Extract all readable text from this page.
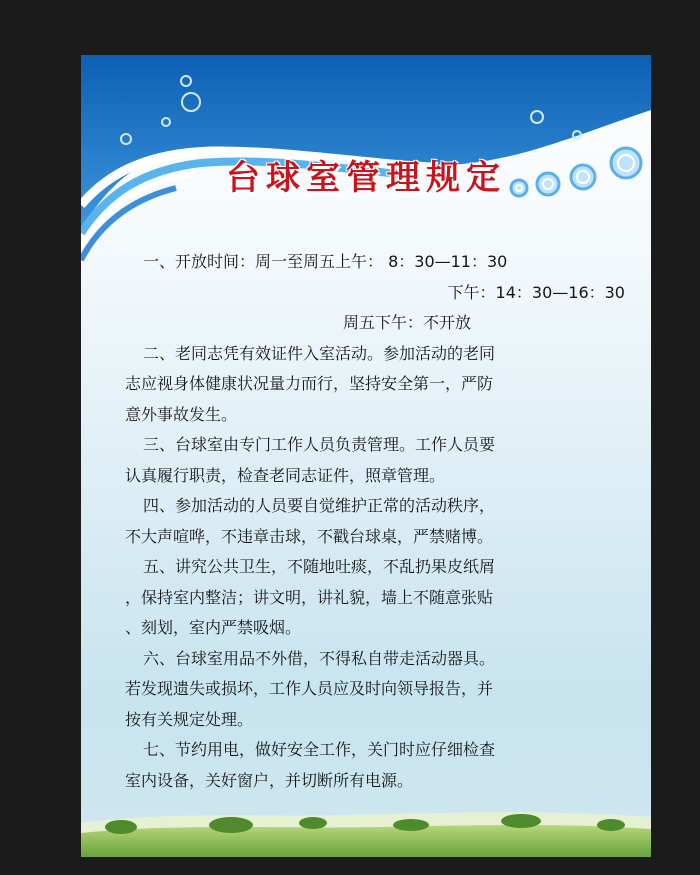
台球室管理规定
一、开放时间：周一至周五上午： 8：30—11：30
下午：14：30—16：30
周五下午：不开放
二、老同志凭有效证件入室活动。参加活动的老同
志应视身体健康状况量力而行，坚持安全第一，严防
意外事故发生。
三、台球室由专门工作人员负责管理。工作人员要
认真履行职责，检查老同志证件，照章管理。
四、参加活动的人员要自觉维护正常的活动秩序，
不大声喧哗，不违章击球，不戳台球桌，严禁赌博。
五、讲究公共卫生，不随地吐痰，不乱扔果皮纸屑
，保持室内整洁；讲文明，讲礼貌，墙上不随意张贴
、刻划，室内严禁吸烟。
六、台球室用品不外借，不得私自带走活动器具。
若发现遗失或损坏，工作人员应及时向领导报告，并
按有关规定处理。
七、节约用电，做好安全工作，关门时应仔细检查
室内设备，关好窗户，并切断所有电源。
